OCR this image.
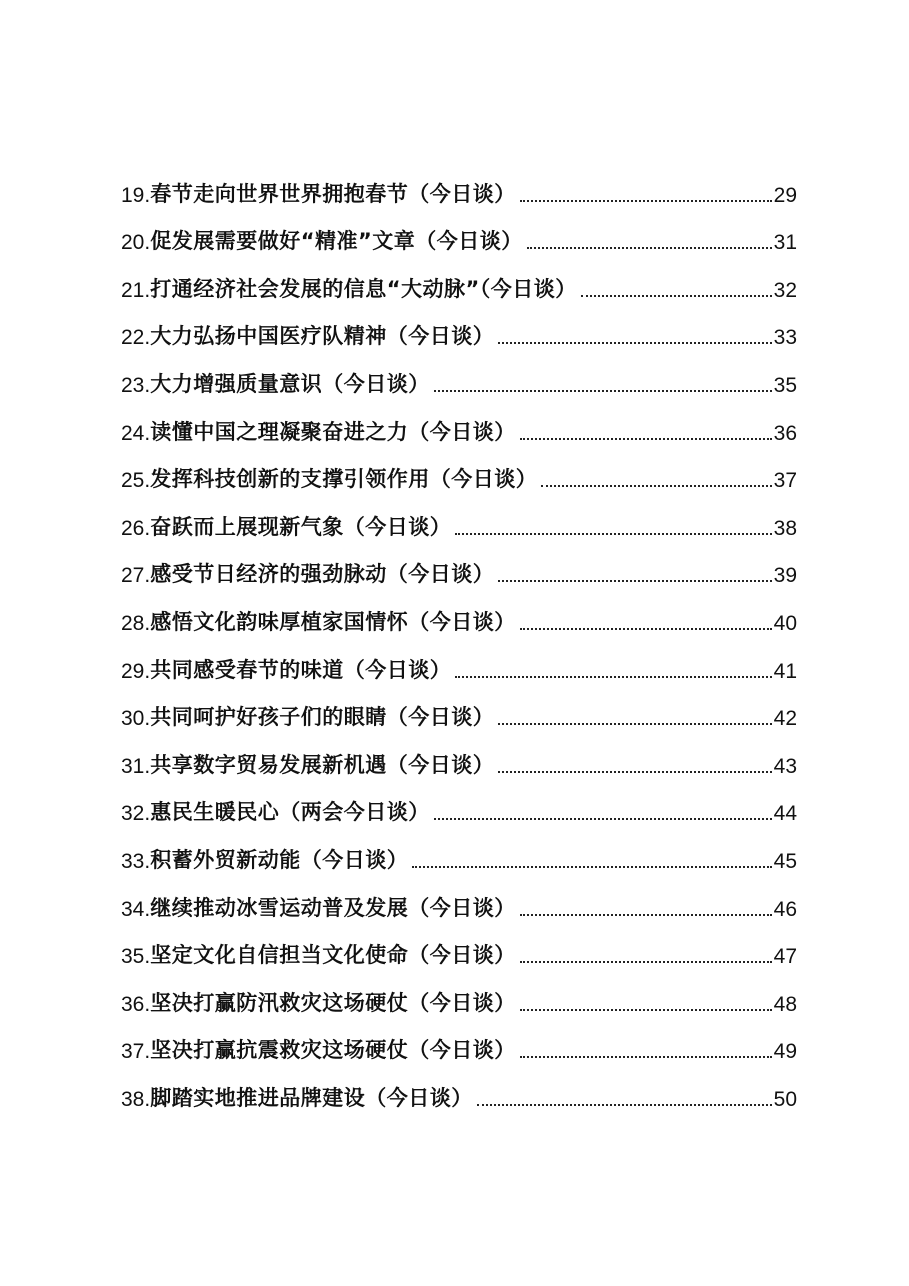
19. 春节走向世界世界拥抱春节（今日谈）	29
20. 促发展需要做好“精准”文章（今日谈）	31
21. 打通经济社会发展的信息“大动脉”（今日谈）	32
22. 大力弘扬中国医疗队精神（今日谈）	33
23. 大力增强质量意识（今日谈）	35
24. 读懂中国之理凝聚奋进之力（今日谈）	36
25. 发挥科技创新的支撑引领作用（今日谈）	37
26. 奋跃而上展现新气象（今日谈）	38
27. 感受节日经济的强劲脉动（今日谈）	39
28. 感悟文化韵味厚植家国情怀（今日谈）	40
29. 共同感受春节的味道（今日谈）	41
30. 共同呵护好孩子们的眼睛（今日谈）	42
31. 共享数字贸易发展新机遇（今日谈）	43
32. 惠民生暖民心（两会今日谈）	44
33. 积蓄外贸新动能（今日谈）	45
34. 继续推动冰雪运动普及发展（今日谈）	46
35. 坚定文化自信担当文化使命（今日谈）	47
36. 坚决打赢防汛救灾这场硬仗（今日谈）	48
37. 坚决打赢抗震救灾这场硬仗（今日谈）	49
38. 脚踏实地推进品牌建设（今日谈）	50
